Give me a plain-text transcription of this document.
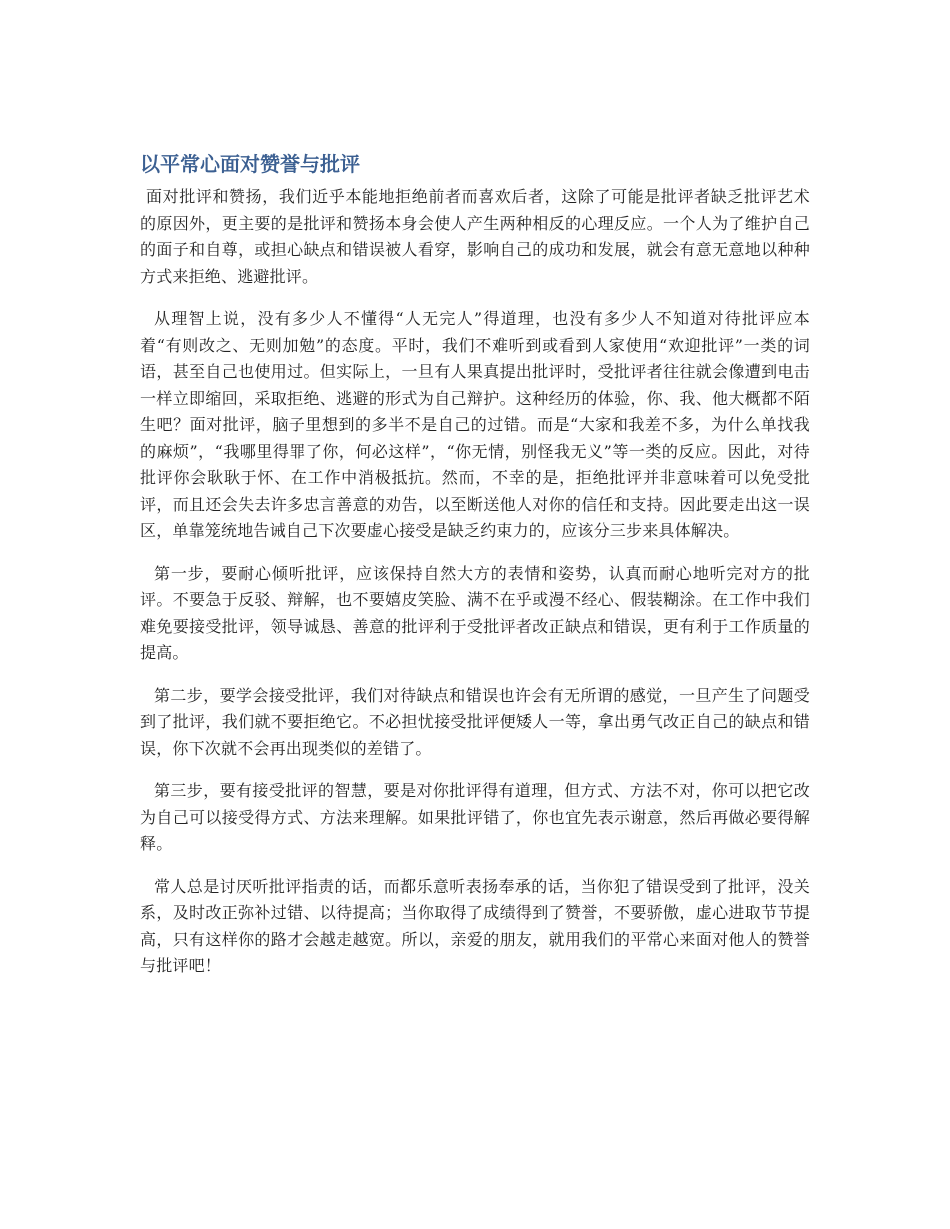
以平常心面对赞誉与批评

面对批评和赞扬，我们近乎本能地拒绝前者而喜欢后者，这除了可能是批评者缺乏批评艺术的原因外，更主要的是批评和赞扬本身会使人产生两种相反的心理反应。一个人为了维护自己的面子和自尊，或担心缺点和错误被人看穿，影响自己的成功和发展，就会有意无意地以种种方式来拒绝、逃避批评。

从理智上说，没有多少人不懂得“人无完人”得道理，也没有多少人不知道对待批评应本着“有则改之、无则加勉”的态度。平时，我们不难听到或看到人家使用“欢迎批评”一类的词语，甚至自己也使用过。但实际上，一旦有人果真提出批评时，受批评者往往就会像遭到电击一样立即缩回，采取拒绝、逃避的形式为自己辩护。这种经历的体验，你、我、他大概都不陌生吧？面对批评，脑子里想到的多半不是自己的过错。而是“大家和我差不多，为什么单找我的麻烦”，“我哪里得罪了你，何必这样”，“你无情，别怪我无义”等一类的反应。因此，对待批评你会耿耿于怀、在工作中消极抵抗。然而，不幸的是，拒绝批评并非意味着可以免受批评，而且还会失去许多忠言善意的劝告，以至断送他人对你的信任和支持。因此要走出这一误区，单靠笼统地告诫自己下次要虚心接受是缺乏约束力的，应该分三步来具体解决。

第一步，要耐心倾听批评，应该保持自然大方的表情和姿势，认真而耐心地听完对方的批评。不要急于反驳、辩解，也不要嬉皮笑脸、满不在乎或漫不经心、假装糊涂。在工作中我们难免要接受批评，领导诚恳、善意的批评利于受批评者改正缺点和错误，更有利于工作质量的提高。

第二步，要学会接受批评，我们对待缺点和错误也许会有无所谓的感觉，一旦产生了问题受到了批评，我们就不要拒绝它。不必担忧接受批评便矮人一等，拿出勇气改正自己的缺点和错误，你下次就不会再出现类似的差错了。

第三步，要有接受批评的智慧，要是对你批评得有道理，但方式、方法不对，你可以把它改为自己可以接受得方式、方法来理解。如果批评错了，你也宜先表示谢意，然后再做必要得解释。

常人总是讨厌听批评指责的话，而都乐意听表扬奉承的话，当你犯了错误受到了批评，没关系，及时改正弥补过错、以待提高；当你取得了成绩得到了赞誉，不要骄傲，虚心进取节节提高，只有这样你的路才会越走越宽。所以，亲爱的朋友，就用我们的平常心来面对他人的赞誉与批评吧！
